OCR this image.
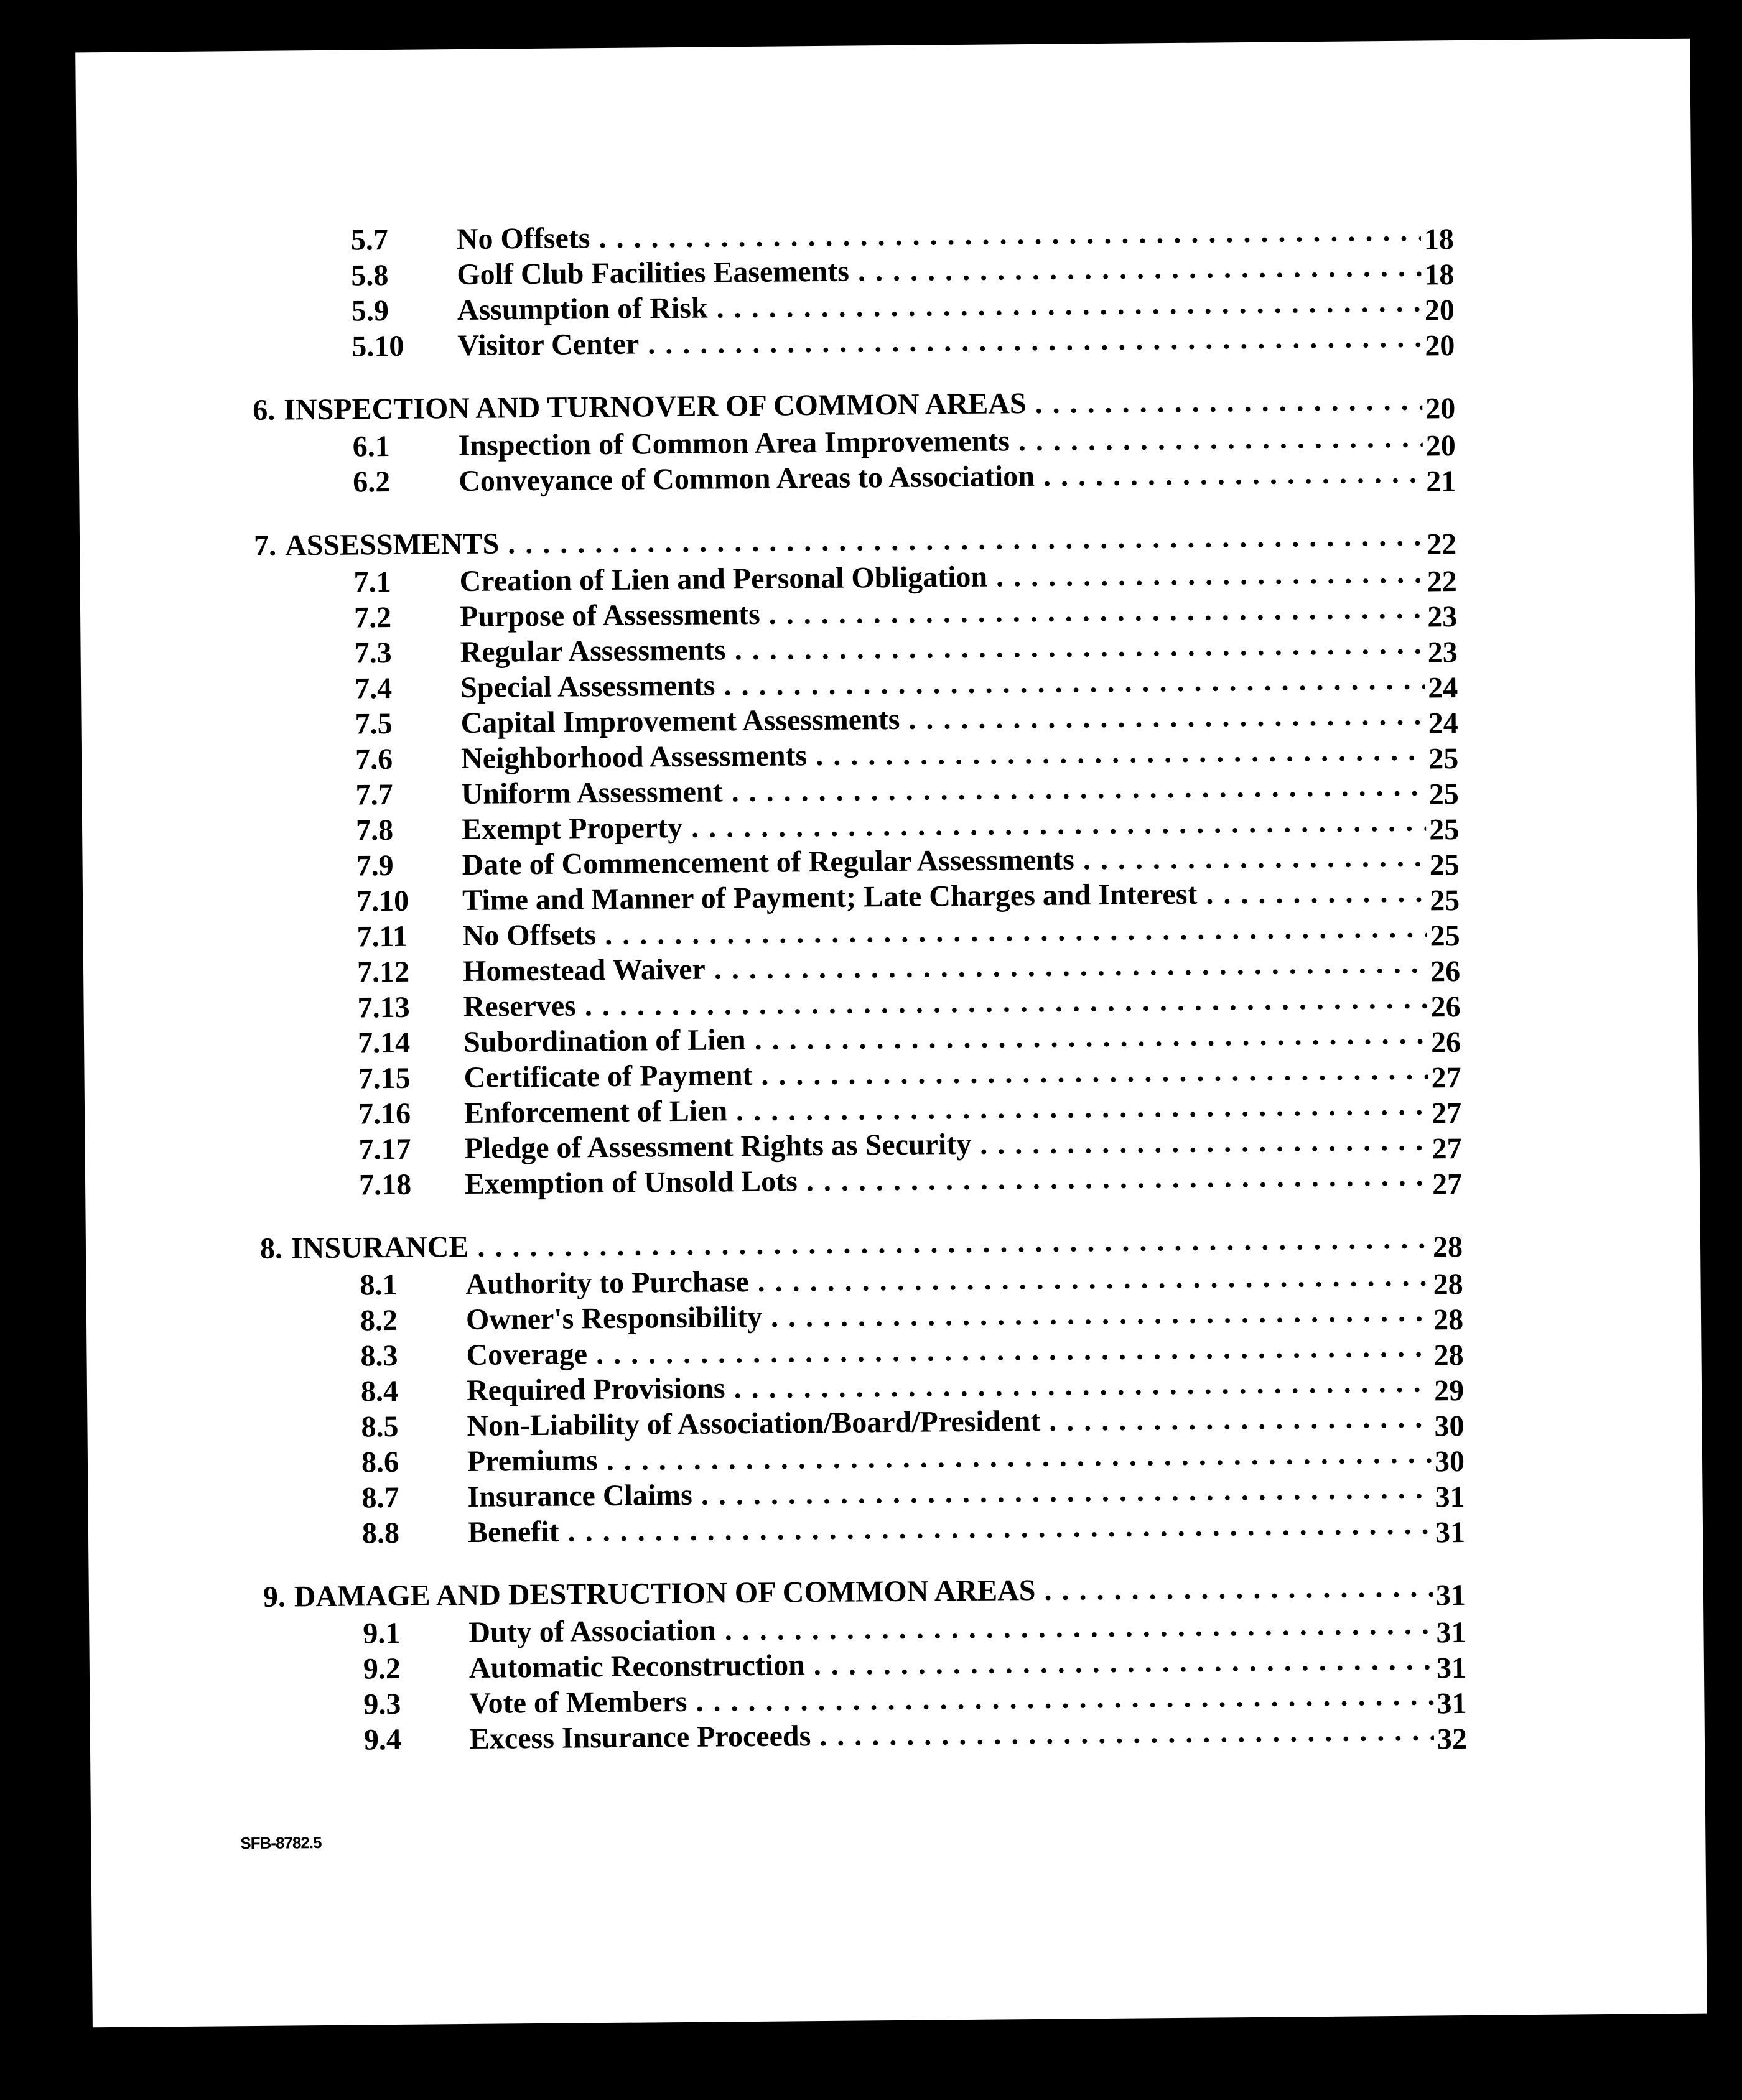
5.7 No Offsets . . .	18
5.8 Golf Club Facilities Easements . . .	18
5.9 Assumption of Risk . . .	20
5.10 Visitor Center . . .	20
6. INSPECTION AND TURNOVER OF COMMON AREAS . . .	20
6.1 Inspection of Common Area Improvements . . .	20
6.2 Conveyance of Common Areas to Association . . .	21
7. ASSESSMENTS . . .	22
7.1 Creation of Lien and Personal Obligation . . .	22
7.2 Purpose of Assessments . . .	23
7.3 Regular Assessments . . .	23
7.4 Special Assessments . . .	24
7.5 Capital Improvement Assessments . . .	24
7.6 Neighborhood Assessments . . .	25
7.7 Uniform Assessment . . .	25
7.8 Exempt Property . . .	25
7.9 Date of Commencement of Regular Assessments . . .	25
7.10 Time and Manner of Payment; Late Charges and Interest . . .	25
7.11 No Offsets . . .	25
7.12 Homestead Waiver . . .	26
7.13 Reserves . . .	26
7.14 Subordination of Lien . . .	26
7.15 Certificate of Payment . . .	27
7.16 Enforcement of Lien . . .	27
7.17 Pledge of Assessment Rights as Security . . .	27
7.18 Exemption of Unsold Lots . . .	27
8. INSURANCE . . .	28
8.1 Authority to Purchase . . .	28
8.2 Owner's Responsibility . . .	28
8.3 Coverage . . .	28
8.4 Required Provisions . . .	29
8.5 Non-Liability of Association/Board/President . . .	30
8.6 Premiums . . .	30
8.7 Insurance Claims . . .	31
8.8 Benefit . . .	31
9. DAMAGE AND DESTRUCTION OF COMMON AREAS . . .	31
9.1 Duty of Association . . .	31
9.2 Automatic Reconstruction . . .	31
9.3 Vote of Members . . .	31
9.4 Excess Insurance Proceeds . . .	32
SFB-8782.5
